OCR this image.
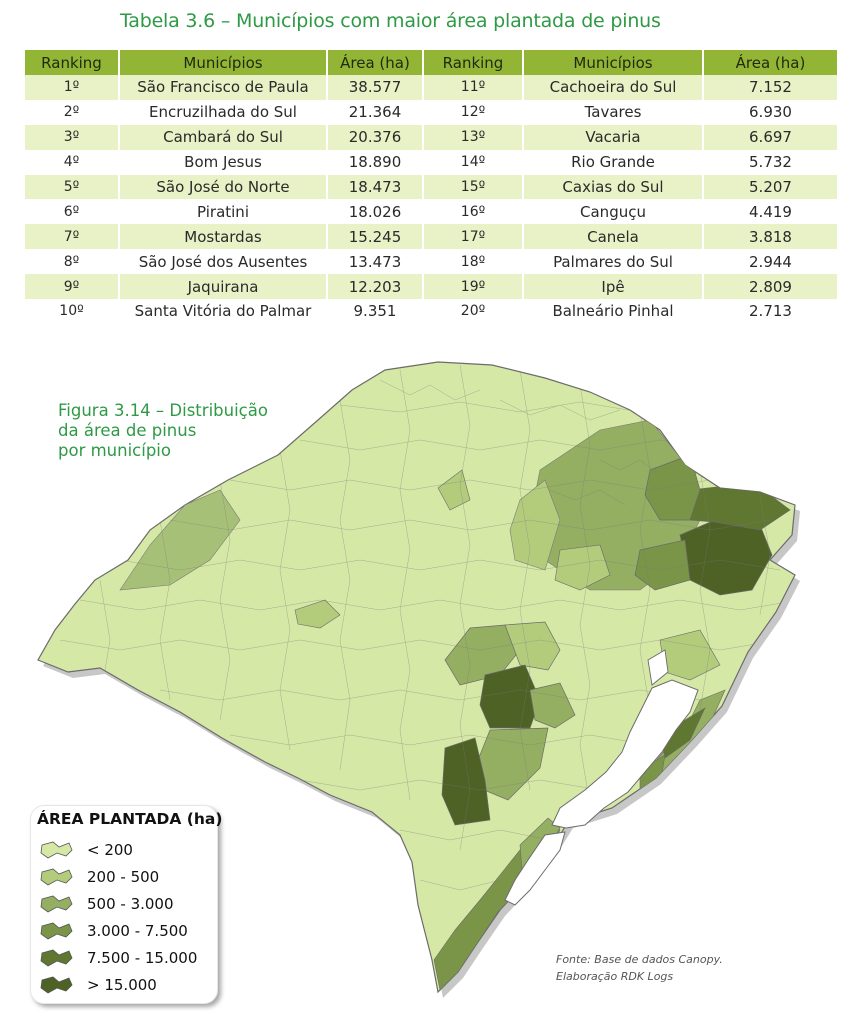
Tabela 3.6 – Municípios com maior área plantada de pinus
Ranking	Municípios	Área (ha)	Ranking	Municípios	Área (ha)
1º	São Francisco de Paula	38.577	11º	Cachoeira do Sul	7.152
2º	Encruzilhada do Sul	21.364	12º	Tavares	6.930
3º	Cambará do Sul	20.376	13º	Vacaria	6.697
4º	Bom Jesus	18.890	14º	Rio Grande	5.732
5º	São José do Norte	18.473	15º	Caxias do Sul	5.207
6º	Piratini	18.026	16º	Canguçu	4.419
7º	Mostardas	15.245	17º	Canela	3.818
8º	São José dos Ausentes	13.473	18º	Palmares do Sul	2.944
9º	Jaquirana	12.203	19º	Ipê	2.809
10º	Santa Vitória do Palmar	9.351	20º	Balneário Pinhal	2.713
Figura 3.14 – Distribuição
da área de pinus
por município
ÁREA PLANTADA (ha)
< 200
200 - 500
500 - 3.000
3.000 - 7.500
7.500 - 15.000
> 15.000
Fonte: Base de dados Canopy.
Elaboração RDK Logs
